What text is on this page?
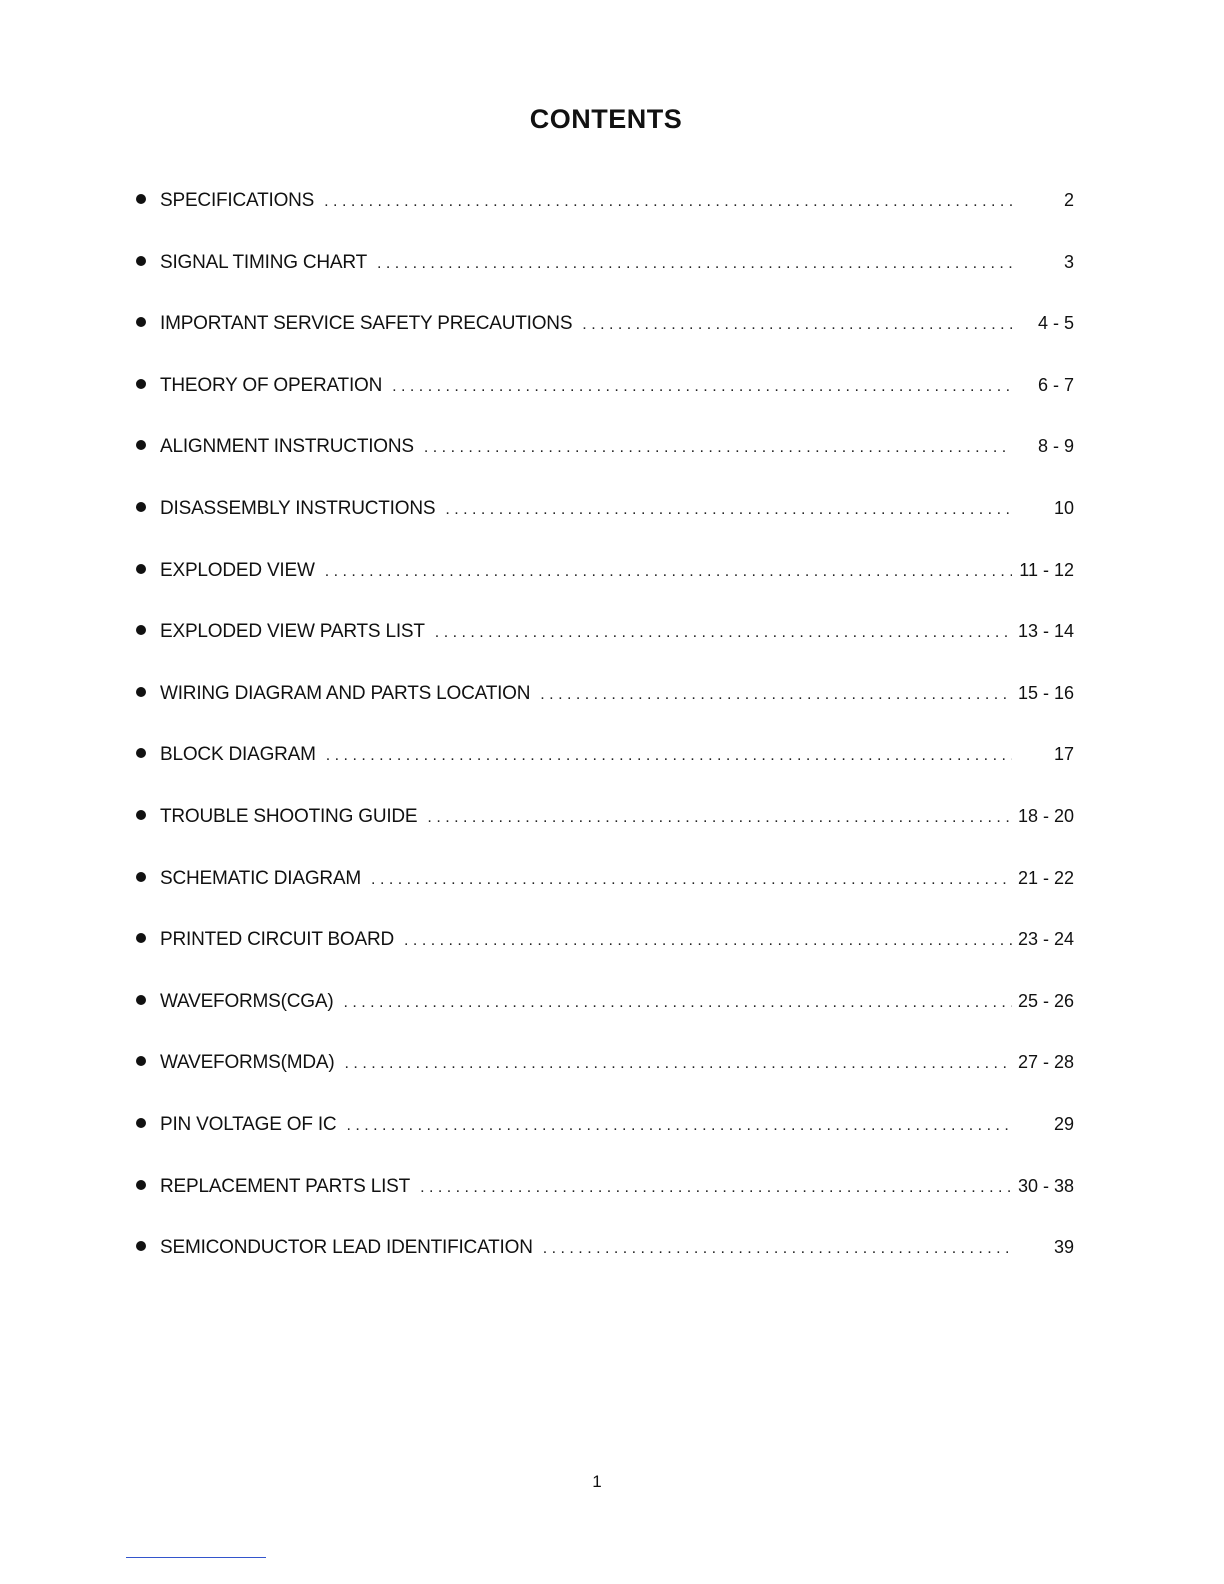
CONTENTS
SPECIFICATIONS . . .	2
SIGNAL TIMING CHART . . .	3
IMPORTANT SERVICE SAFETY PRECAUTIONS . . .	4 - 5
THEORY OF OPERATION . . .	6 - 7
ALIGNMENT INSTRUCTIONS . . .	8 - 9
DISASSEMBLY INSTRUCTIONS . . .	10
EXPLODED VIEW . . .	11 - 12
EXPLODED VIEW PARTS LIST . . .	13 - 14
WIRING DIAGRAM AND PARTS LOCATION . . .	15 - 16
BLOCK DIAGRAM . . .	17
TROUBLE SHOOTING GUIDE . . .	18 - 20
SCHEMATIC DIAGRAM . . .	21 - 22
PRINTED CIRCUIT BOARD . . .	23 - 24
WAVEFORMS(CGA) . . .	25 - 26
WAVEFORMS(MDA) . . .	27 - 28
PIN VOLTAGE OF IC . . .	29
REPLACEMENT PARTS LIST . . .	30 - 38
SEMICONDUCTOR LEAD IDENTIFICATION . . .	39
1
